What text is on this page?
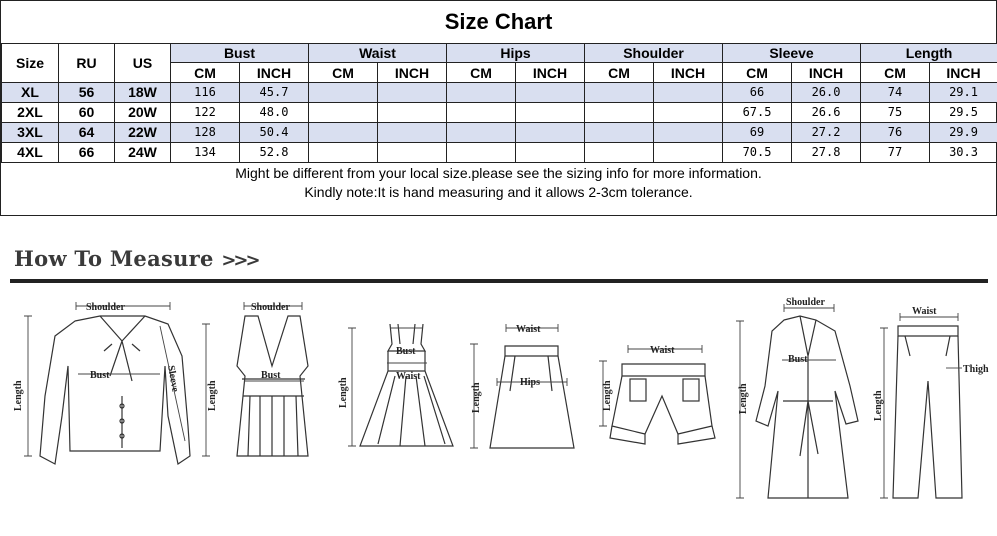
Size Chart
Size	RU	US	Bust		Waist		Hips		Shoulder		Sleeve		Length	
			CM	INCH	CM	INCH	CM	INCH	CM	INCH	CM	INCH	CM	INCH
XL	56	18W	116	45.7							66	26.0	74	29.1
2XL	60	20W	122	48.0							67.5	26.6	75	29.5
3XL	64	22W	128	50.4							69	27.2	76	29.9
4XL	66	24W	134	52.8							70.5	27.8	77	30.3
Might be different from your local size.please see the sizing info for more information.
Kindly note:It is hand measuring and it allows 2-3cm tolerance.
How To Measure >>>
Shoulder
Bust
Length
Sleeve
Shoulder
Bust
Length
Bust
Waist
Length
Waist
Hips
Length
Waist
Length
Shoulder
Bust
Length
Waist
Thigh
Length
